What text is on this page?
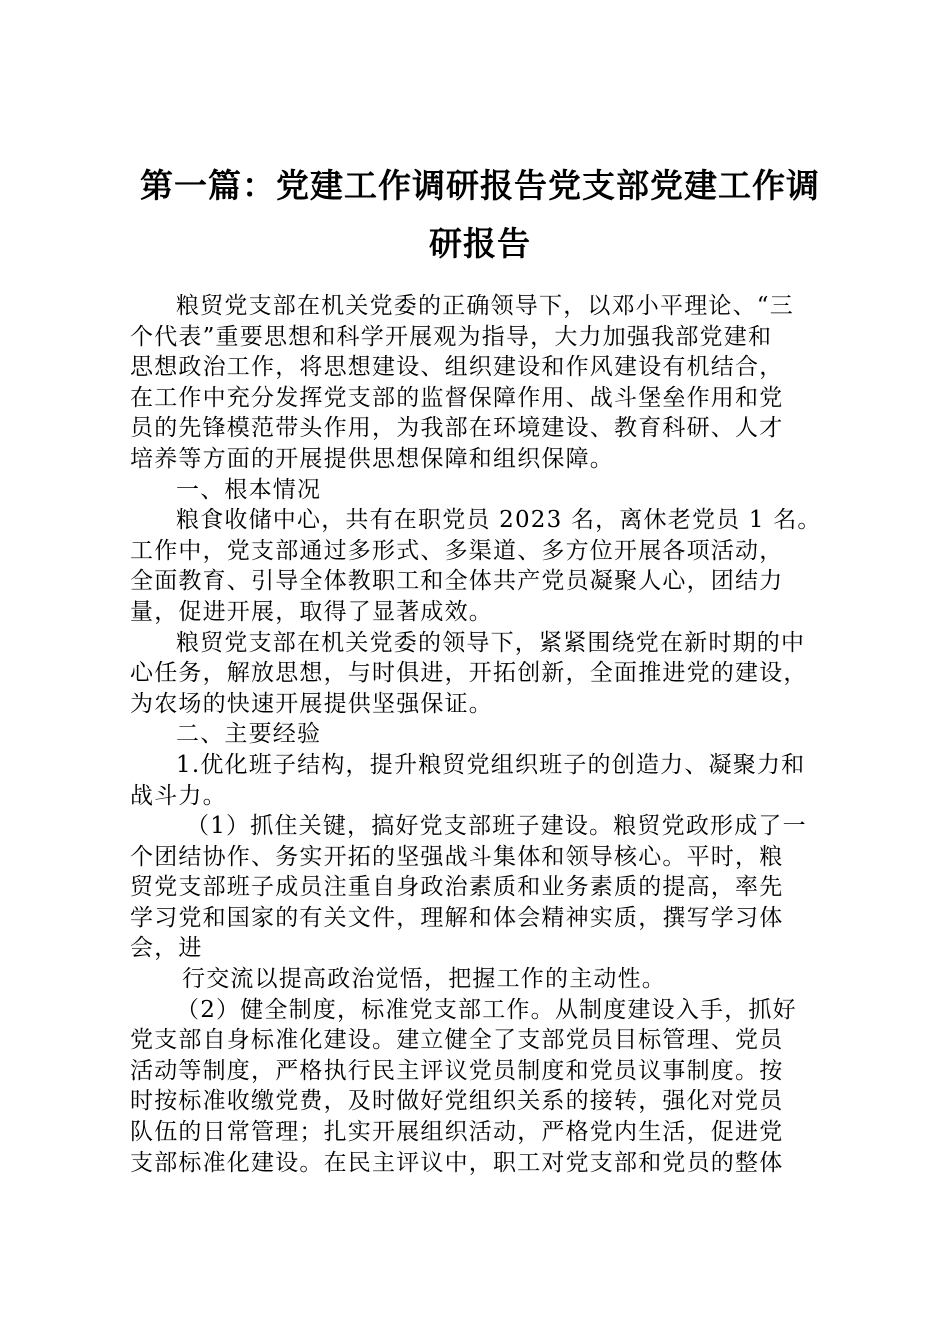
第一篇：党建工作调研报告党支部党建工作调
研报告
粮贸党支部在机关党委的正确领导下，以邓小平理论、“三
个代表”重要思想和科学开展观为指导，大力加强我部党建和
思想政治工作，将思想建设、组织建设和作风建设有机结合，
在工作中充分发挥党支部的监督保障作用、战斗堡垒作用和党
员的先锋模范带头作用，为我部在环境建设、教育科研、人才
培养等方面的开展提供思想保障和组织保障。
一、根本情况
粮食收储中心，共有在职党员 2023 名，离休老党员 1 名。
工作中，党支部通过多形式、多渠道、多方位开展各项活动，
全面教育、引导全体教职工和全体共产党员凝聚人心，团结力
量，促进开展，取得了显著成效。
粮贸党支部在机关党委的领导下，紧紧围绕党在新时期的中
心任务，解放思想，与时俱进，开拓创新，全面推进党的建设，
为农场的快速开展提供坚强保证。
二、主要经验
1.优化班子结构，提升粮贸党组织班子的创造力、凝聚力和
战斗力。
（1）抓住关键，搞好党支部班子建设。粮贸党政形成了一
个团结协作、务实开拓的坚强战斗集体和领导核心。平时，粮
贸党支部班子成员注重自身政治素质和业务素质的提高，率先
学习党和国家的有关文件，理解和体会精神实质，撰写学习体
会，进
行交流以提高政治觉悟，把握工作的主动性。
（2）健全制度，标准党支部工作。从制度建设入手，抓好
党支部自身标准化建设。建立健全了支部党员目标管理、党员
活动等制度，严格执行民主评议党员制度和党员议事制度。按
时按标准收缴党费，及时做好党组织关系的接转，强化对党员
队伍的日常管理；扎实开展组织活动，严格党内生活，促进党
支部标准化建设。在民主评议中，职工对党支部和党员的整体
